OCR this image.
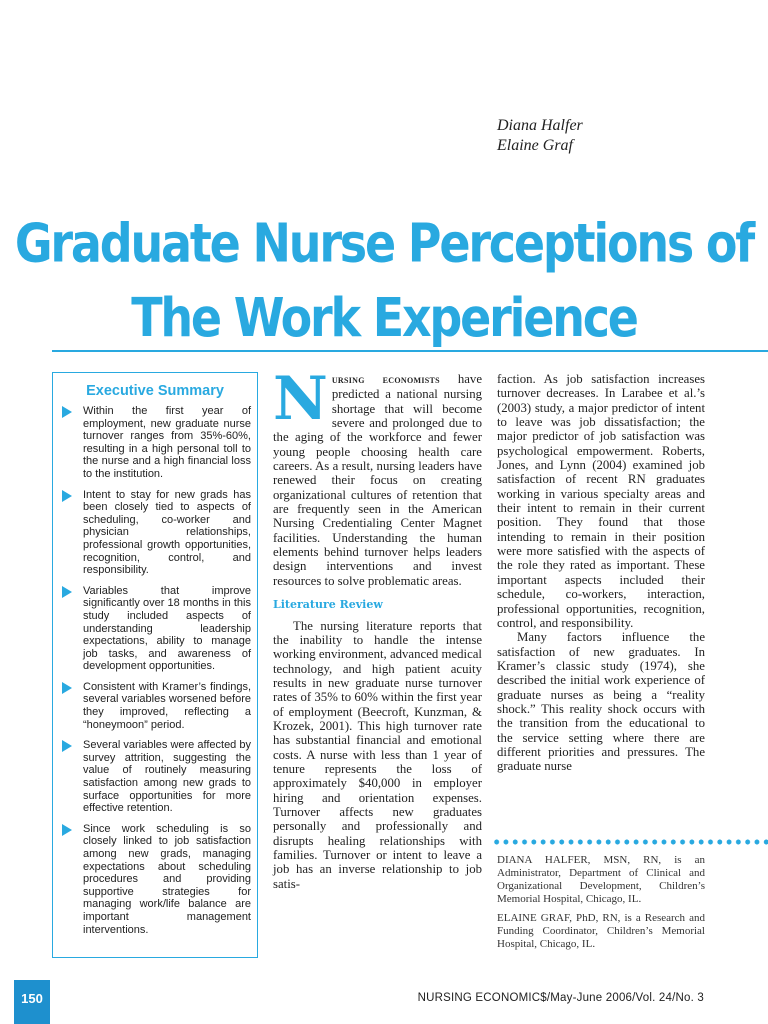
Diana Halfer
Elaine Graf
Graduate Nurse Perceptions of
The Work Experience
Executive Summary
Within the first year of employment, new graduate nurse turnover ranges from 35%-60%, resulting in a high personal toll to the nurse and a high financial loss to the institution.
Intent to stay for new grads has been closely tied to aspects of scheduling, co-worker and physician relationships, professional growth opportunities, recognition, control, and responsibility.
Variables that improve significantly over 18 months in this study included aspects of understanding leadership expectations, ability to manage job tasks, and awareness of development opportunities.
Consistent with Kramer’s findings, several variables worsened before they improved, reflecting a “honeymoon” period.
Several variables were affected by survey attrition, suggesting the value of routinely measuring satisfaction among new grads to surface opportunities for more effective retention.
Since work scheduling is so closely linked to job satisfaction among new grads, managing expectations about scheduling procedures and providing supportive strategies for managing work/life balance are important management interventions.

Nursing economists have predicted a national nursing shortage that will become severe and prolonged due to the aging of the workforce and fewer young people choosing health care careers. As a result, nursing leaders have renewed their focus on creating organizational cultures of retention that are frequently seen in the American Nursing Credentialing Center Magnet facilities. Understanding the human elements behind turnover helps leaders design interventions and invest resources to solve problematic areas.

Literature Review

The nursing literature reports that the inability to handle the intense working environment, advanced medical technology, and high patient acuity results in new graduate nurse turnover rates of 35% to 60% within the first year of employment (Beecroft, Kunzman, & Krozek, 2001). This high turnover rate has substantial financial and emotional costs. A nurse with less than 1 year of tenure represents the loss of approximately $40,000 in employer hiring and orientation expenses. Turnover affects new graduates personally and professionally and disrupts healing relationships with families. Turnover or intent to leave a job has an inverse relationship to job satis-

faction. As job satisfaction increases turnover decreases. In Larabee et al.’s (2003) study, a major predictor of intent to leave was job dissatisfaction; the major predictor of job satisfaction was psychological empowerment. Roberts, Jones, and Lynn (2004) examined job satisfaction of recent RN graduates working in various specialty areas and their intent to remain in their current position. They found that those intending to remain in their position were more satisfied with the aspects of the role they rated as important. These important aspects included their schedule, co-workers, interaction, professional opportunities, recognition, control, and responsibility.

Many factors influence the satisfaction of new graduates. In Kramer’s classic study (1974), she described the initial work experience of graduate nurses as being a “reality shock.” This reality shock occurs with the transition from the educational to the service setting where there are different priorities and pressures. The graduate nurse

DIANA HALFER, MSN, RN, is an Administrator, Department of Clinical and Organizational Development, Children’s Memorial Hospital, Chicago, IL.
ELAINE GRAF, PhD, RN, is a Research and Funding Coordinator, Children’s Memorial Hospital, Chicago, IL.
150	NURSING ECONOMIC$/May-June 2006/Vol. 24/No. 3
